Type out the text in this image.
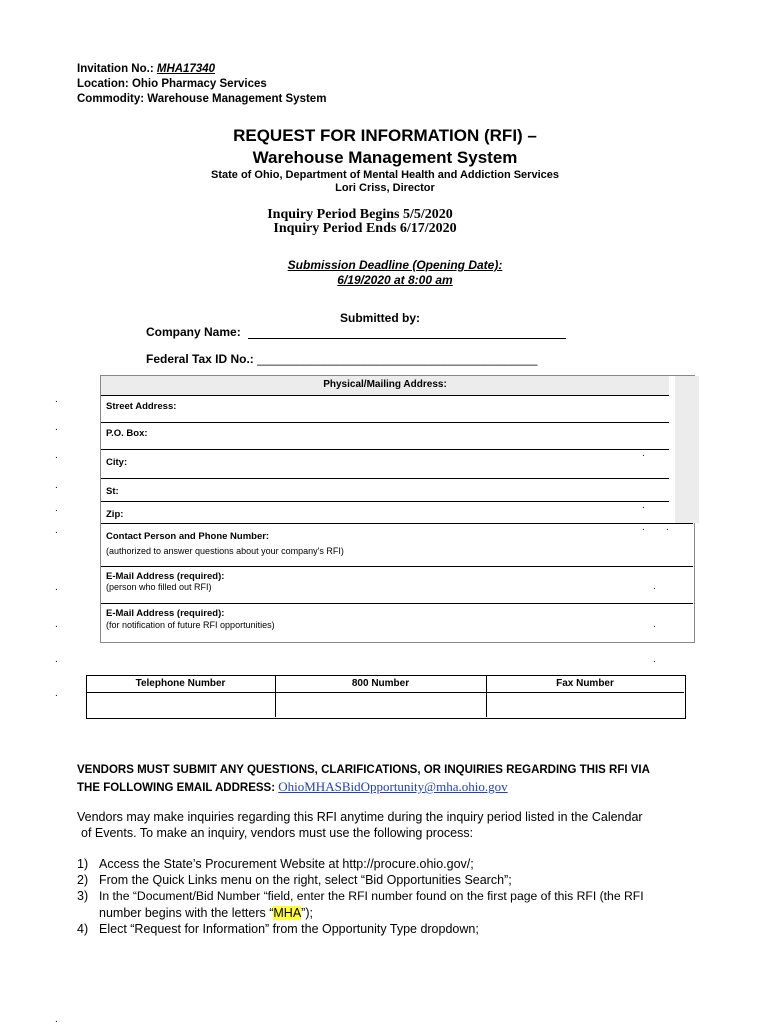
Invitation No.: MHA17340
Location: Ohio Pharmacy Services
Commodity: Warehouse Management System
REQUEST FOR INFORMATION (RFI) –
Warehouse Management System
State of Ohio, Department of Mental Health and Addiction Services
Lori Criss, Director
Inquiry Period Begins 5/5/2020
Inquiry Period Ends 6/17/2020
Submission Deadline (Opening Date):
6/19/2020 at 8:00 am
Submitted by:
Company Name:
Federal Tax ID No.: __________________________________________
Physical/Mailing Address:
Street Address:
P.O. Box:
City:
St:
Zip:
Contact Person and Phone Number:
(authorized to answer questions about your company's RFI)
E-Mail Address (required):
(person who filled out RFI)
E-Mail Address (required):
(for notification of future RFI opportunities)
.
.
.
.
.
.
.
.
.
.
.
.
. .
.
.
.
.
Telephone Number	800 Number	Fax Number
VENDORS MUST SUBMIT ANY QUESTIONS, CLARIFICATIONS, OR INQUIRIES REGARDING THIS RFI VIA
THE FOLLOWING EMAIL ADDRESS: OhioMHASBidOpportunity@mha.ohio.gov
Vendors may make inquiries regarding this RFI anytime during the inquiry period listed in the Calendar
of Events. To make an inquiry, vendors must use the following process:
1) Access the State’s Procurement Website at http://procure.ohio.gov/;
2) From the Quick Links menu on the right, select “Bid Opportunities Search”;
3) In the “Document/Bid Number “field, enter the RFI number found on the first page of this RFI (the RFI
number begins with the letters “MHA”);
4) Elect “Request for Information” from the Opportunity Type dropdown;
